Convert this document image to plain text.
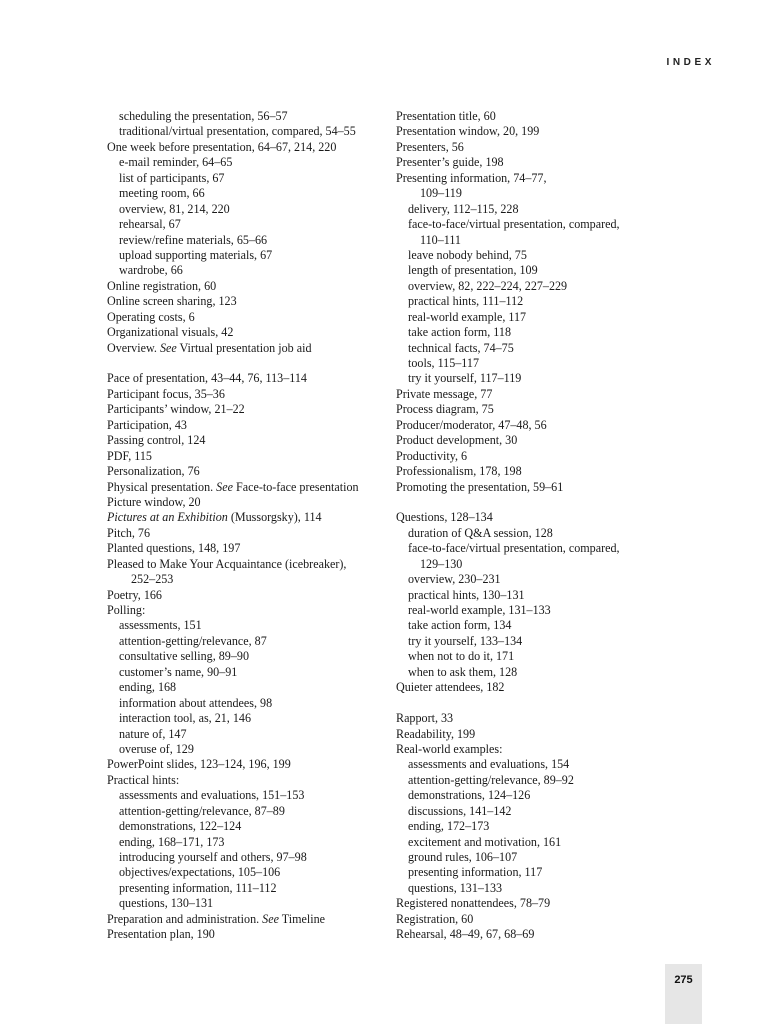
INDEX
scheduling the presentation, 56–57
traditional/virtual presentation, compared, 54–55
One week before presentation, 64–67, 214, 220
e-mail reminder, 64–65
list of participants, 67
meeting room, 66
overview, 81, 214, 220
rehearsal, 67
review/refine materials, 65–66
upload supporting materials, 67
wardrobe, 66
Online registration, 60
Online screen sharing, 123
Operating costs, 6
Organizational visuals, 42
Overview. See Virtual presentation job aid
Pace of presentation, 43–44, 76, 113–114
Participant focus, 35–36
Participants’ window, 21–22
Participation, 43
Passing control, 124
PDF, 115
Personalization, 76
Physical presentation. See Face-to-face presentation
Picture window, 20
Pictures at an Exhibition (Mussorgsky), 114
Pitch, 76
Planted questions, 148, 197
Pleased to Make Your Acquaintance (icebreaker),
252–253
Poetry, 166
Polling:
assessments, 151
attention-getting/relevance, 87
consultative selling, 89–90
customer’s name, 90–91
ending, 168
information about attendees, 98
interaction tool, as, 21, 146
nature of, 147
overuse of, 129
PowerPoint slides, 123–124, 196, 199
Practical hints:
assessments and evaluations, 151–153
attention-getting/relevance, 87–89
demonstrations, 122–124
ending, 168–171, 173
introducing yourself and others, 97–98
objectives/expectations, 105–106
presenting information, 111–112
questions, 130–131
Preparation and administration. See Timeline
Presentation plan, 190
Presentation title, 60
Presentation window, 20, 199
Presenters, 56
Presenter’s guide, 198
Presenting information, 74–77,
109–119
delivery, 112–115, 228
face-to-face/virtual presentation, compared,
110–111
leave nobody behind, 75
length of presentation, 109
overview, 82, 222–224, 227–229
practical hints, 111–112
real-world example, 117
take action form, 118
technical facts, 74–75
tools, 115–117
try it yourself, 117–119
Private message, 77
Process diagram, 75
Producer/moderator, 47–48, 56
Product development, 30
Productivity, 6
Professionalism, 178, 198
Promoting the presentation, 59–61
Questions, 128–134
duration of Q&A session, 128
face-to-face/virtual presentation, compared,
129–130
overview, 230–231
practical hints, 130–131
real-world example, 131–133
take action form, 134
try it yourself, 133–134
when not to do it, 171
when to ask them, 128
Quieter attendees, 182
Rapport, 33
Readability, 199
Real-world examples:
assessments and evaluations, 154
attention-getting/relevance, 89–92
demonstrations, 124–126
discussions, 141–142
ending, 172–173
excitement and motivation, 161
ground rules, 106–107
presenting information, 117
questions, 131–133
Registered nonattendees, 78–79
Registration, 60
Rehearsal, 48–49, 67, 68–69
275
